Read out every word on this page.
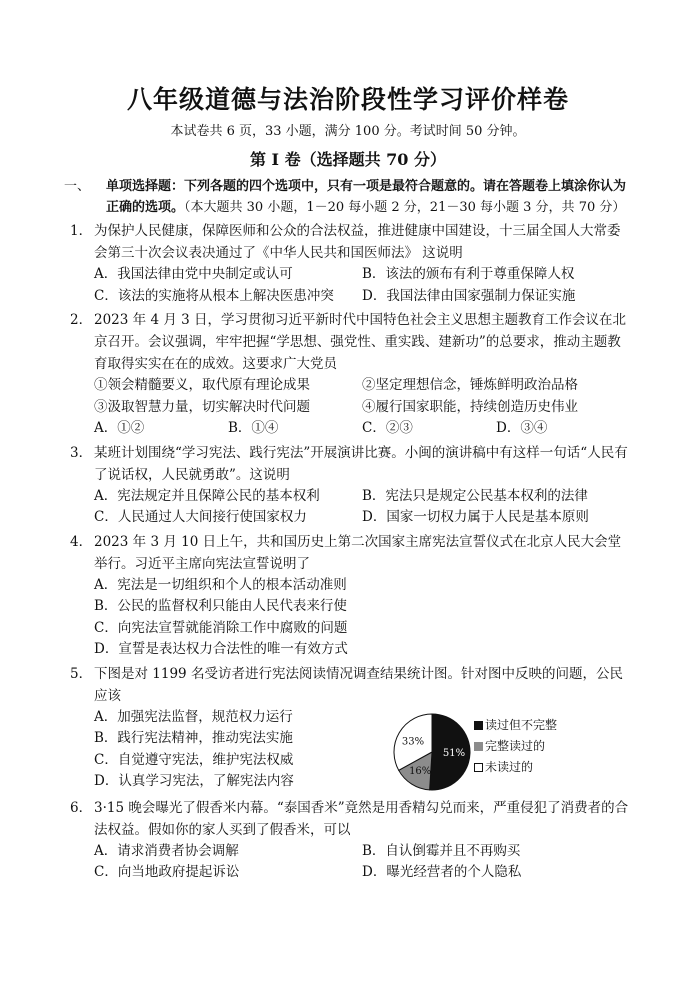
八年级道德与法治阶段性学习评价样卷
本试卷共 6 页，33 小题，满分 100 分。考试时间 50 分钟。
第 I 卷（选择题共 70 分）
一、	单项选择题：下列各题的四个选项中，只有一项是最符合题意的。请在答题卷上填涂你认为正确的选项。（本大题共 30 小题，1－20 每小题 2 分，21－30 每小题 3 分，共 70 分）
1． 为保护人民健康，保障医师和公众的合法权益，推进健康中国建设，十三届全国人大常委会第三十次会议表决通过了《中华人民共和国医师法》 这说明
A．我国法律由党中央制定或认可	B．该法的颁布有利于尊重保障人权
C．该法的实施将从根本上解决医患冲突	D．我国法律由国家强制力保证实施
2． 2023 年 4 月 3 日，学习贯彻习近平新时代中国特色社会主义思想主题教育工作会议在北京召开。会议强调，牢牢把握“学思想、强党性、重实践、建新功”的总要求，推动主题教育取得实实在在的成效。这要求广大党员
①领会精髓要义，取代原有理论成果	②坚定理想信念，锤炼鲜明政治品格
③汲取智慧力量，切实解决时代问题	④履行国家职能，持续创造历史伟业
A．①②	B．①④	C．②③	D．③④
3． 某班计划围绕“学习宪法、践行宪法”开展演讲比赛。小闽的演讲稿中有这样一句话“人民有了说话权，人民就勇敢”。这说明
A．宪法规定并且保障公民的基本权利	B．宪法只是规定公民基本权利的法律
C．人民通过人大间接行使国家权力	D．国家一切权力属于人民是基本原则
4． 2023 年 3 月 10 日上午，共和国历史上第二次国家主席宪法宣誓仪式在北京人民大会堂举行。习近平主席向宪法宣誓说明了
A．宪法是一切组织和个人的根本活动准则
B．公民的监督权利只能由人民代表来行使
C．向宪法宣誓就能消除工作中腐败的问题
D．宣誓是表达权力合法性的唯一有效方式
5． 下图是对 1199 名受访者进行宪法阅读情况调查结果统计图。针对图中反映的问题，公民应该
A．加强宪法监督，规范权力运行
B．践行宪法精神，推动宪法实施
C．自觉遵守宪法，维护宪法权威
D．认真学习宪法，了解宪法内容
51%
16%
33%
读过但不完整
完整读过的
未读过的
6． 3·15 晚会曝光了假香米内幕。“泰国香米”竟然是用香精勾兑而来，严重侵犯了消费者的合法权益。假如你的家人买到了假香米，可以
A．请求消费者协会调解	B．自认倒霉并且不再购买
C．向当地政府提起诉讼	D．曝光经营者的个人隐私
